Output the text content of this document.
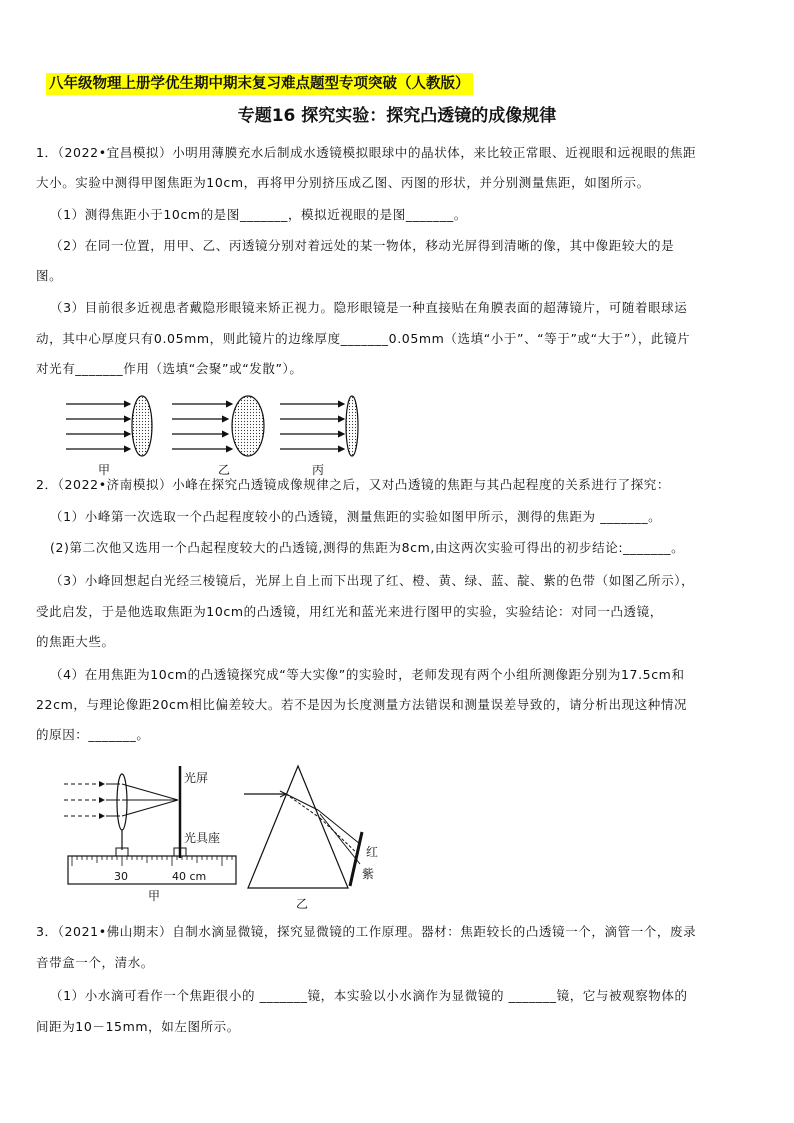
八年级物理上册学优生期中期末复习难点题型专项突破（人教版）
专题16 探究实验：探究凸透镜的成像规律
1．（2022•宜昌模拟）小明用薄膜充水后制成水透镜模拟眼球中的晶状体，来比较正常眼、近视眼和远视眼的焦距
大小。实验中测得甲图焦距为10cm，再将甲分别挤压成乙图、丙图的形状，并分别测量焦距，如图所示。
（1）测得焦距小于10cm的是图_______，模拟近视眼的是图_______。
（2）在同一位置，用甲、乙、丙透镜分别对着远处的某一物体，移动光屏得到清晰的像，其中像距较大的是
图。
（3）目前很多近视患者戴隐形眼镜来矫正视力。隐形眼镜是一种直接贴在角膜表面的超薄镜片，可随着眼球运
动，其中心厚度只有0.05mm，则此镜片的边缘厚度_______0.05mm（选填“小于”、“等于”或“大于”），此镜片
对光有_______作用（选填“会聚”或“发散”）。
甲	乙	丙
2．（2022•济南模拟）小峰在探究凸透镜成像规律之后，又对凸透镜的焦距与其凸起程度的关系进行了探究：
（1）小峰第一次选取一个凸起程度较小的凸透镜，测量焦距的实验如图甲所示，测得的焦距为 _______。
(2)第二次他又选用一个凸起程度较大的凸透镜,测得的焦距为8cm,由这两次实验可得出的初步结论:_______。
（3）小峰回想起白光经三棱镜后，光屏上自上而下出现了红、橙、黄、绿、蓝、靛、紫的色带（如图乙所示），
受此启发，于是他选取焦距为10cm的凸透镜，用红光和蓝光来进行图甲的实验，实验结论：对同一凸透镜，
的焦距大些。
（4）在用焦距为10cm的凸透镜探究成“等大实像”的实验时，老师发现有两个小组所测像距分别为17.5cm和
22cm，与理论像距20cm相比偏差较大。若不是因为长度测量方法错误和测量误差导致的，请分析出现这种情况
的原因：_______。
光屏
光具座
30	40 cm
甲
红
紫
乙
3．（2021•佛山期末）自制水滴显微镜，探究显微镜的工作原理。器材：焦距较长的凸透镜一个，滴管一个，废录
音带盒一个，清水。
（1）小水滴可看作一个焦距很小的 _______镜，本实验以小水滴作为显微镜的 _______镜，它与被观察物体的
间距为10－15mm，如左图所示。
